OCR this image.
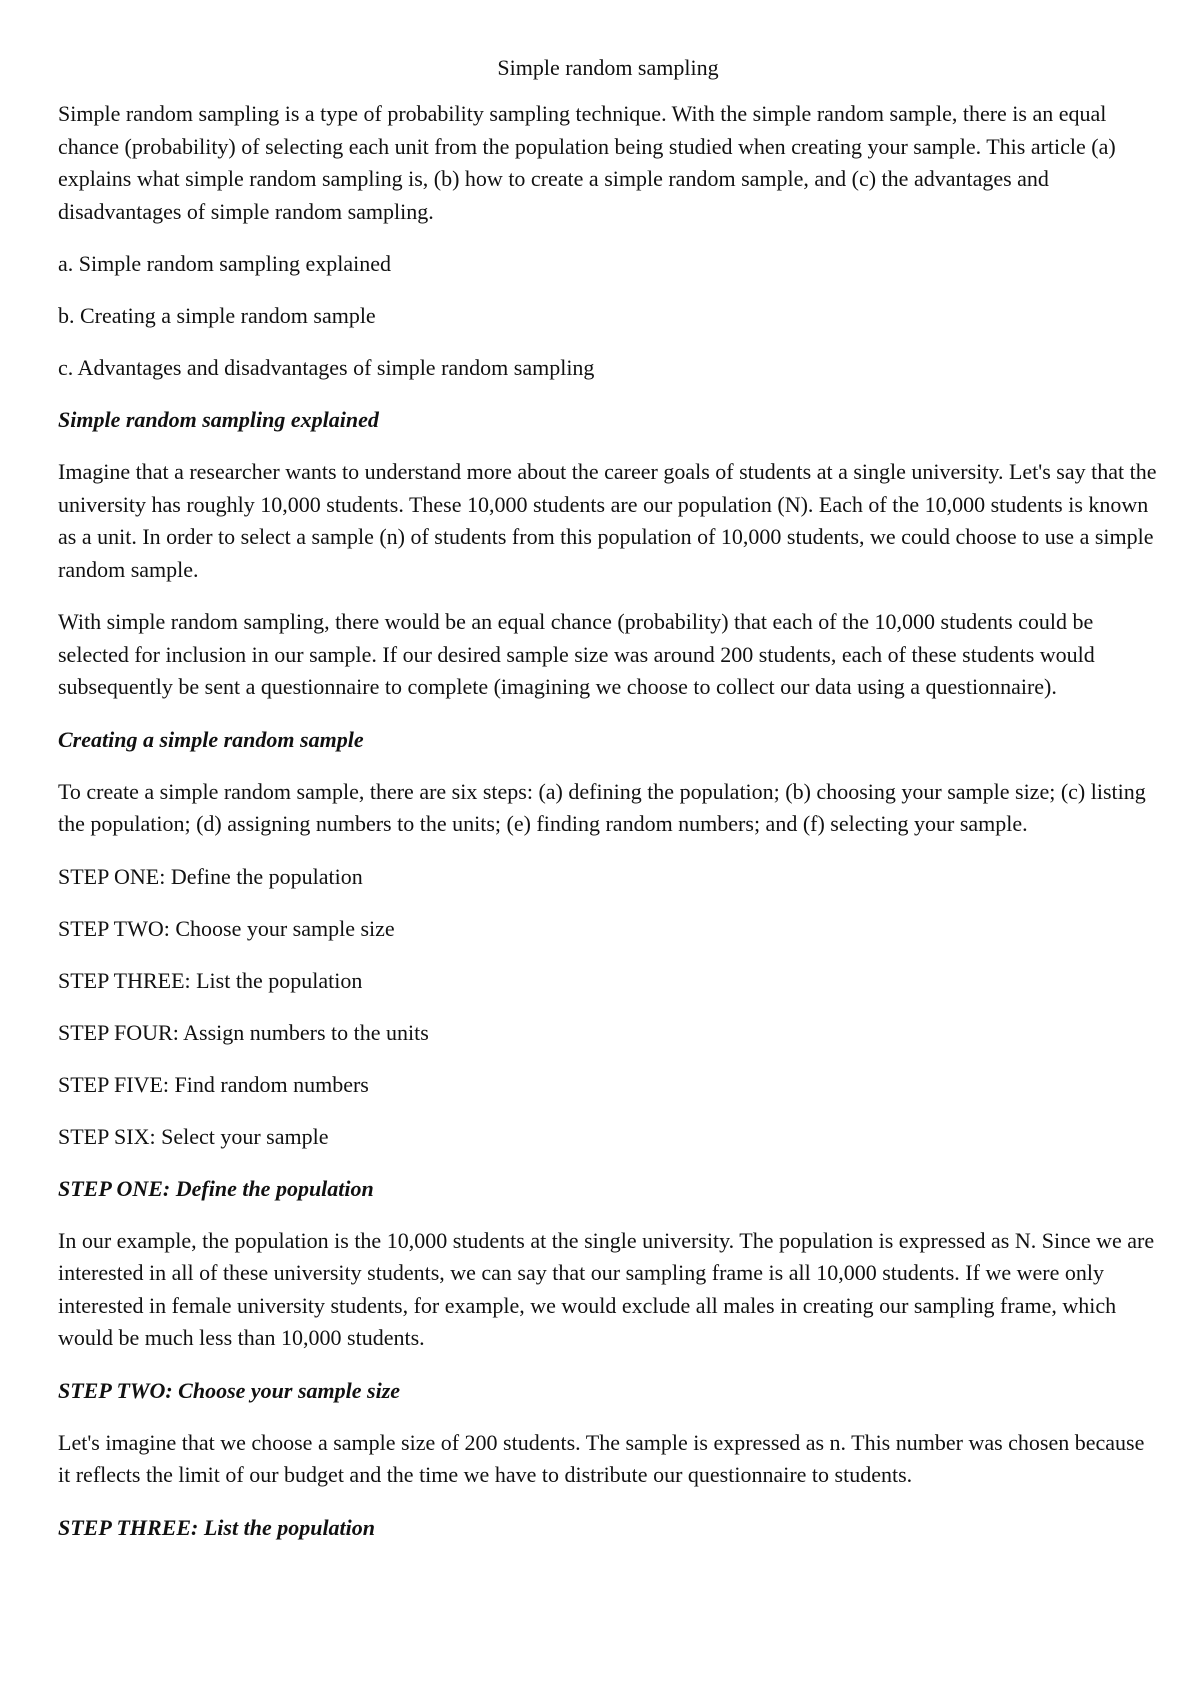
Simple random sampling

Simple random sampling is a type of probability sampling technique. With the simple random sample, there is an equal chance (probability) of selecting each unit from the population being studied when creating your sample. This article (a) explains what simple random sampling is, (b) how to create a simple random sample, and (c) the advantages and disadvantages of simple random sampling.

a. Simple random sampling explained
b. Creating a simple random sample
c. Advantages and disadvantages of simple random sampling
Simple random sampling explained

Imagine that a researcher wants to understand more about the career goals of students at a single university. Let's say that the university has roughly 10,000 students. These 10,000 students are our population (N). Each of the 10,000 students is known as a unit. In order to select a sample (n) of students from this population of 10,000 students, we could choose to use a simple random sample.

With simple random sampling, there would be an equal chance (probability) that each of the 10,000 students could be selected for inclusion in our sample. If our desired sample size was around 200 students, each of these students would subsequently be sent a questionnaire to complete (imagining we choose to collect our data using a questionnaire).

Creating a simple random sample

To create a simple random sample, there are six steps: (a) defining the population; (b) choosing your sample size; (c) listing the population; (d) assigning numbers to the units; (e) finding random numbers; and (f) selecting your sample.

STEP ONE: Define the population
STEP TWO: Choose your sample size
STEP THREE: List the population
STEP FOUR: Assign numbers to the units
STEP FIVE: Find random numbers
STEP SIX: Select your sample
STEP ONE: Define the population

In our example, the population is the 10,000 students at the single university. The population is expressed as N. Since we are interested in all of these university students, we can say that our sampling frame is all 10,000 students. If we were only interested in female university students, for example, we would exclude all males in creating our sampling frame, which would be much less than 10,000 students.

STEP TWO: Choose your sample size

Let's imagine that we choose a sample size of 200 students. The sample is expressed as n. This number was chosen because it reflects the limit of our budget and the time we have to distribute our questionnaire to students.

STEP THREE: List the population
